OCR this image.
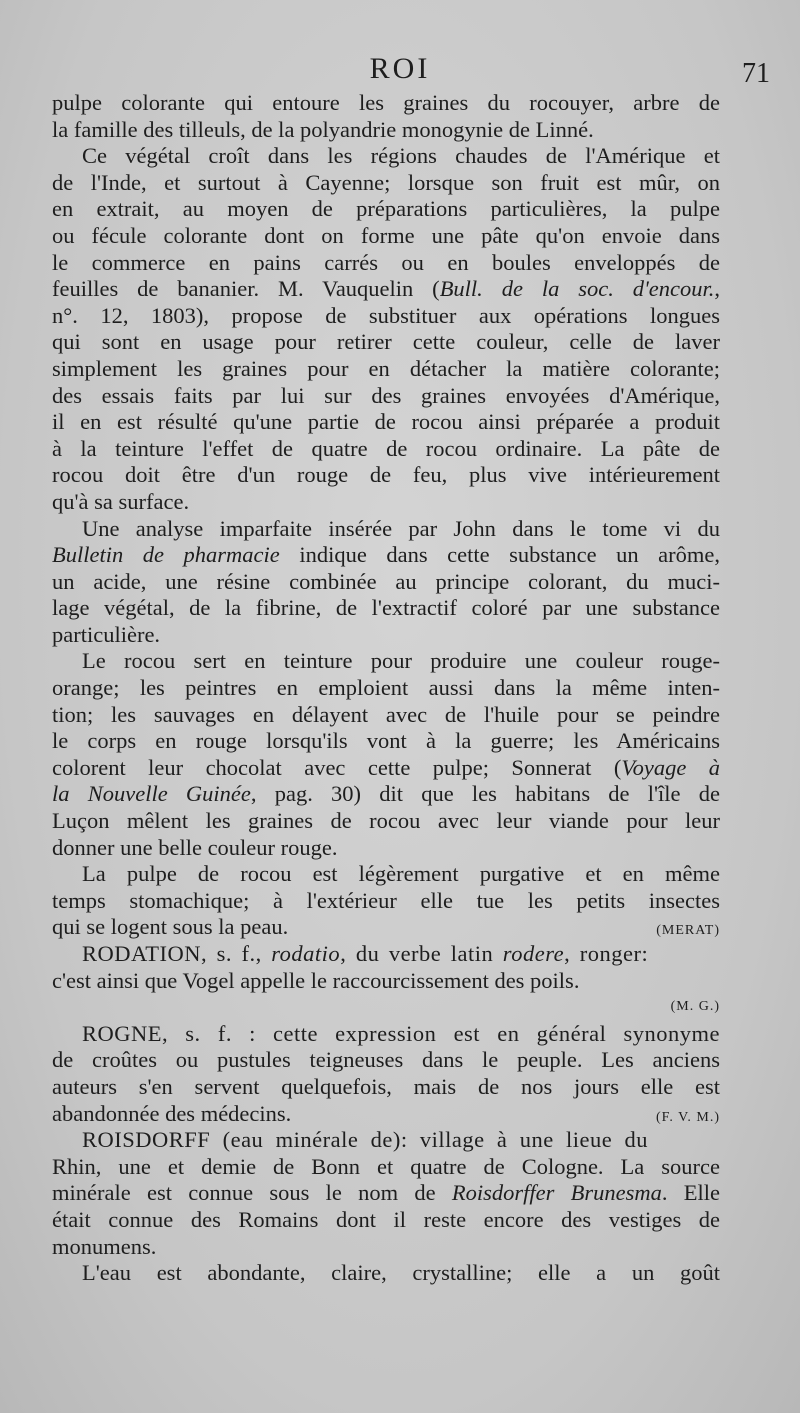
ROI	71
pulpe colorante qui entoure les graines du rocouyer, arbre de
la famille des tilleuls, de la polyandrie monogynie de Linné.
Ce végétal croît dans les régions chaudes de l'Amérique et
de l'Inde, et surtout à Cayenne; lorsque son fruit est mûr, on
en extrait, au moyen de préparations particulières, la pulpe
ou fécule colorante dont on forme une pâte qu'on envoie dans
le commerce en pains carrés ou en boules enveloppés de
feuilles de bananier. M. Vauquelin (Bull. de la soc. d'encour.,
n°. 12, 1803), propose de substituer aux opérations longues
qui sont en usage pour retirer cette couleur, celle de laver
simplement les graines pour en détacher la matière colorante;
des essais faits par lui sur des graines envoyées d'Amérique,
il en est résulté qu'une partie de rocou ainsi préparée a produit
à la teinture l'effet de quatre de rocou ordinaire. La pâte de
rocou doit être d'un rouge de feu, plus vive intérieurement
qu'à sa surface.
Une analyse imparfaite insérée par John dans le tome vi du
Bulletin de pharmacie indique dans cette substance un arôme,
un acide, une résine combinée au principe colorant, du muci-
lage végétal, de la fibrine, de l'extractif coloré par une substance
particulière.
Le rocou sert en teinture pour produire une couleur rouge-
orange; les peintres en emploient aussi dans la même inten-
tion; les sauvages en délayent avec de l'huile pour se peindre
le corps en rouge lorsqu'ils vont à la guerre; les Américains
colorent leur chocolat avec cette pulpe; Sonnerat (Voyage à
la Nouvelle Guinée, pag. 30) dit que les habitans de l'île de
Luçon mêlent les graines de rocou avec leur viande pour leur
donner une belle couleur rouge.
La pulpe de rocou est légèrement purgative et en même
temps stomachique; à l'extérieur elle tue les petits insectes
(MERAT)
qui se logent sous la peau.
RODATION, s. f., rodatio, du verbe latin rodere, ronger:
c'est ainsi que Vogel appelle le raccourcissement des poils.
(M. G.)
ROGNE, s. f. : cette expression est en général synonyme
de croûtes ou pustules teigneuses dans le peuple. Les anciens
auteurs s'en servent quelquefois, mais de nos jours elle est
(F. V. M.)
abandonnée des médecins.
ROISDORFF (eau minérale de): village à une lieue du
Rhin, une et demie de Bonn et quatre de Cologne. La source
minérale est connue sous le nom de Roisdorffer Brunesma. Elle
était connue des Romains dont il reste encore des vestiges de
monumens.
L'eau est abondante, claire, crystalline; elle a un goût
